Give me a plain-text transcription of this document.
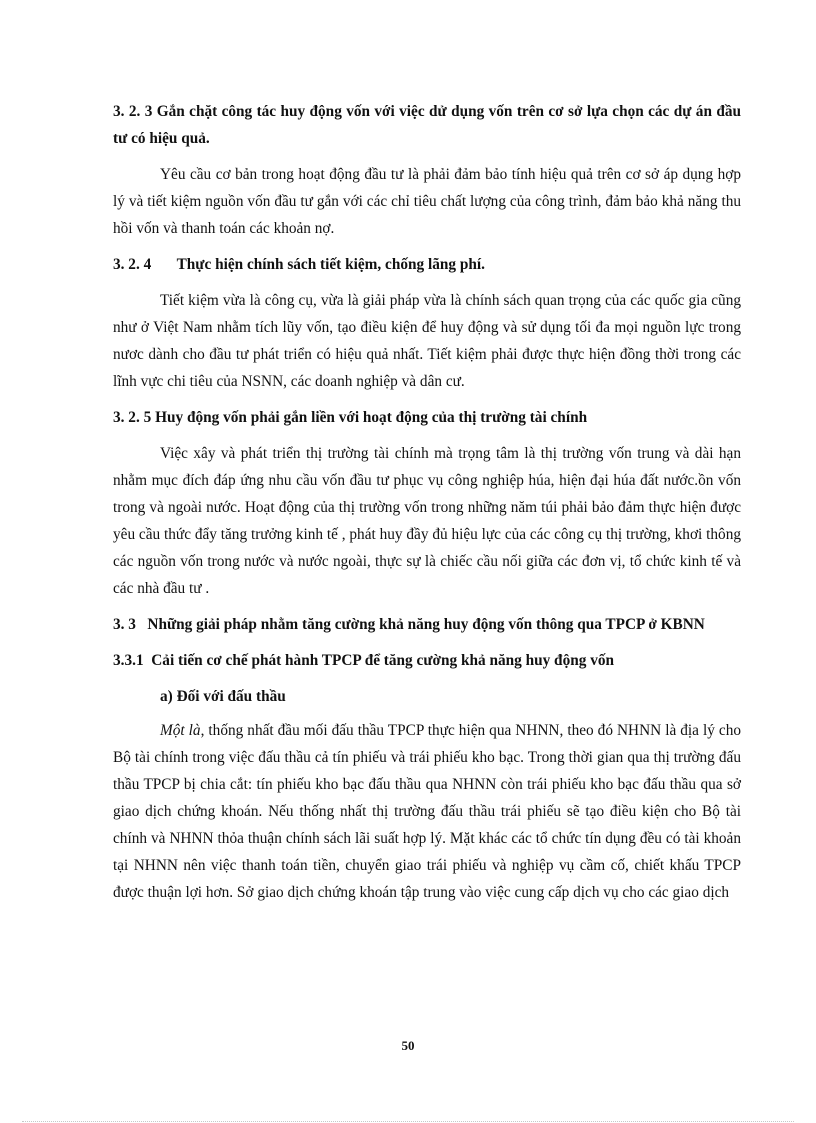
3. 2. 3 Gắn chặt công tác huy động vốn với việc dử dụng vốn trên cơ sở lựa chọn các dự án đầu tư có hiệu quả.

Yêu cầu cơ bản trong hoạt động đầu tư là phải đảm bảo tính hiệu quả trên cơ sở áp dụng hợp lý và tiết kiệm nguồn vốn đầu tư gắn với các chỉ tiêu chất lượng của công trình, đảm bảo khả năng thu hồi vốn và thanh toán các khoản nợ.

3. 2. 4 Thực hiện chính sách tiết kiệm, chống lãng phí.

Tiết kiệm vừa là công cụ, vừa là giải pháp vừa là chính sách quan trọng của các quốc gia cũng như ở Việt Nam nhằm tích lũy vốn, tạo điều kiện để huy động và sử dụng tối đa mọi nguồn lực trong nươc dành cho đầu tư phát triển có hiệu quả nhất. Tiết kiệm phải được thực hiện đồng thời trong các lĩnh vực chi tiêu của NSNN, các doanh nghiệp và dân cư.

3. 2. 5 Huy động vốn phải gắn liền với hoạt động của thị trường tài chính

Việc xây và phát triển thị trường tài chính mà trọng tâm là thị trường vốn trung và dài hạn nhằm mục đích đáp ứng nhu cầu vốn đầu tư phục vụ công nghiệp húa, hiện đại húa đất nước.ồn vốn trong và ngoài nước. Hoạt động của thị trường vốn trong những năm túi phải bảo đảm thực hiện được yêu cầu thức đẩy tăng trưởng kinh tế , phát huy đầy đủ hiệu lực của các công cụ thị trường, khơi thông các nguồn vốn trong nước và nước ngoài, thực sự là chiếc cầu nối giữa các đơn vị, tổ chức kinh tế và các nhà đầu tư .

3. 3   Những giải pháp nhằm tăng cường khả năng huy động vốn thông qua TPCP ở KBNN

3.3.1  Cải tiến cơ chế phát hành TPCP để tăng cường khả năng huy động vốn

a) Đối với đấu thầu

Một là, thống nhất đầu mối đấu thầu TPCP thực hiện qua NHNN, theo đó NHNN là địa lý cho Bộ tài chính trong việc đấu thầu cả tín phiếu và trái phiếu kho bạc. Trong thời gian qua thị trường đấu thầu TPCP bị chia cắt: tín phiếu kho bạc đấu thầu qua NHNN còn trái phiếu kho bạc đấu thầu qua sở giao dịch chứng khoán. Nếu thống nhất thị trường đấu thầu trái phiếu sẽ tạo điều kiện cho Bộ tài chính và NHNN thỏa thuận chính sách lãi suất hợp lý. Mặt khác các tổ chức tín dụng đều có tài khoản tại NHNN nên việc thanh toán tiền, chuyển giao trái phiếu và nghiệp vụ cầm cố, chiết khấu TPCP được thuận lợi hơn. Sở giao dịch chứng khoán tập trung vào việc cung cấp dịch vụ cho các giao dịch

50
